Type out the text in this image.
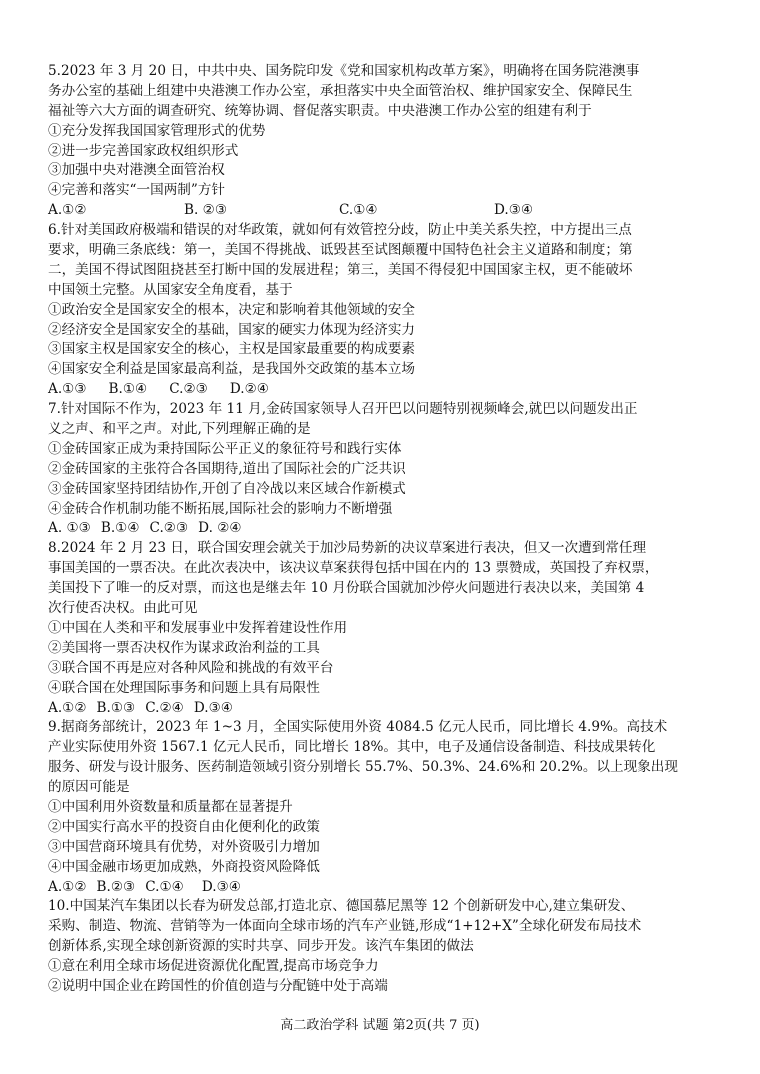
5.2023 年 3 月 20 日，中共中央、国务院印发《党和国家机构改革方案》，明确将在国务院港澳事
务办公室的基础上组建中央港澳工作办公室，承担落实中央全面管治权、维护国家安全、保障民生
福祉等六大方面的调查研究、统筹协调、督促落实职责。中央港澳工作办公室的组建有利于
①充分发挥我国国家管理形式的优势
②进一步完善国家政权组织形式
③加强中央对港澳全面管治权
④完善和落实“一国两制”方针
A.①②	B. ②③	C.①④	D.③④
6.针对美国政府极端和错误的对华政策，就如何有效管控分歧，防止中美关系失控，中方提出三点
要求，明确三条底线：第一，美国不得挑战、诋毁甚至试图颠覆中国特色社会主义道路和制度；第
二，美国不得试图阻挠甚至打断中国的发展进程；第三，美国不得侵犯中国国家主权，更不能破坏
中国领土完整。从国家安全角度看，基于
①政治安全是国家安全的根本，决定和影响着其他领域的安全
②经济安全是国家安全的基础，国家的硬实力体现为经济实力
③国家主权是国家安全的核心，主权是国家最重要的构成要素
④国家安全利益是国家最高利益，是我国外交政策的基本立场
A.①③ B.①④ C.②③ D.②④
7.针对国际不作为，2023 年 11 月,金砖国家领导人召开巴以问题特别视频峰会,就巴以问题发出正
义之声、和平之声。对此,下列理解正确的是
①金砖国家正成为秉持国际公平正义的象征符号和践行实体
②金砖国家的主张符合各国期待,道出了国际社会的广泛共识
③金砖国家坚持团结协作,开创了自冷战以来区域合作新模式
④金砖合作机制功能不断拓展,国际社会的影响力不断增强
A. ①③ B.①④ C.②③ D. ②④
8.2024 年 2 月 23 日，联合国安理会就关于加沙局势新的决议草案进行表决，但又一次遭到常任理
事国美国的一票否决。在此次表决中，该决议草案获得包括中国在内的 13 票赞成，英国投了弃权票，
美国投下了唯一的反对票，而这也是继去年 10 月份联合国就加沙停火问题进行表决以来，美国第 4
次行使否决权。由此可见
①中国在人类和平和发展事业中发挥着建设性作用
②美国将一票否决权作为谋求政治利益的工具
③联合国不再是应对各种风险和挑战的有效平台
④联合国在处理国际事务和问题上具有局限性
A.①② B.①③ C.②④ D.③④
9.据商务部统计，2023 年 1~3 月，全国实际使用外资 4084.5 亿元人民币，同比增长 4.9%。高技术
产业实际使用外资 1567.1 亿元人民币，同比增长 18%。其中，电子及通信设备制造、科技成果转化
服务、研发与设计服务、医药制造领域引资分别增长 55.7%、50.3%、24.6%和 20.2%。以上现象出现
的原因可能是
①中国利用外资数量和质量都在显著提升
②中国实行高水平的投资自由化便利化的政策
③中国营商环境具有优势，对外资吸引力增加
④中国金融市场更加成熟，外商投资风险降低
A.①② B.②③ C.①④ D.③④
10.中国某汽车集团以长春为研发总部,打造北京、德国慕尼黑等 12 个创新研发中心,建立集研发、
采购、制造、物流、营销等为一体面向全球市场的汽车产业链,形成“1+12+X”全球化研发布局技术
创新体系,实现全球创新资源的实时共享、同步开发。该汽车集团的做法
①意在利用全球市场促进资源优化配置,提高市场竞争力
②说明中国企业在跨国性的价值创造与分配链中处于高端
高二政治学科 试题 第2页(共 7 页)
